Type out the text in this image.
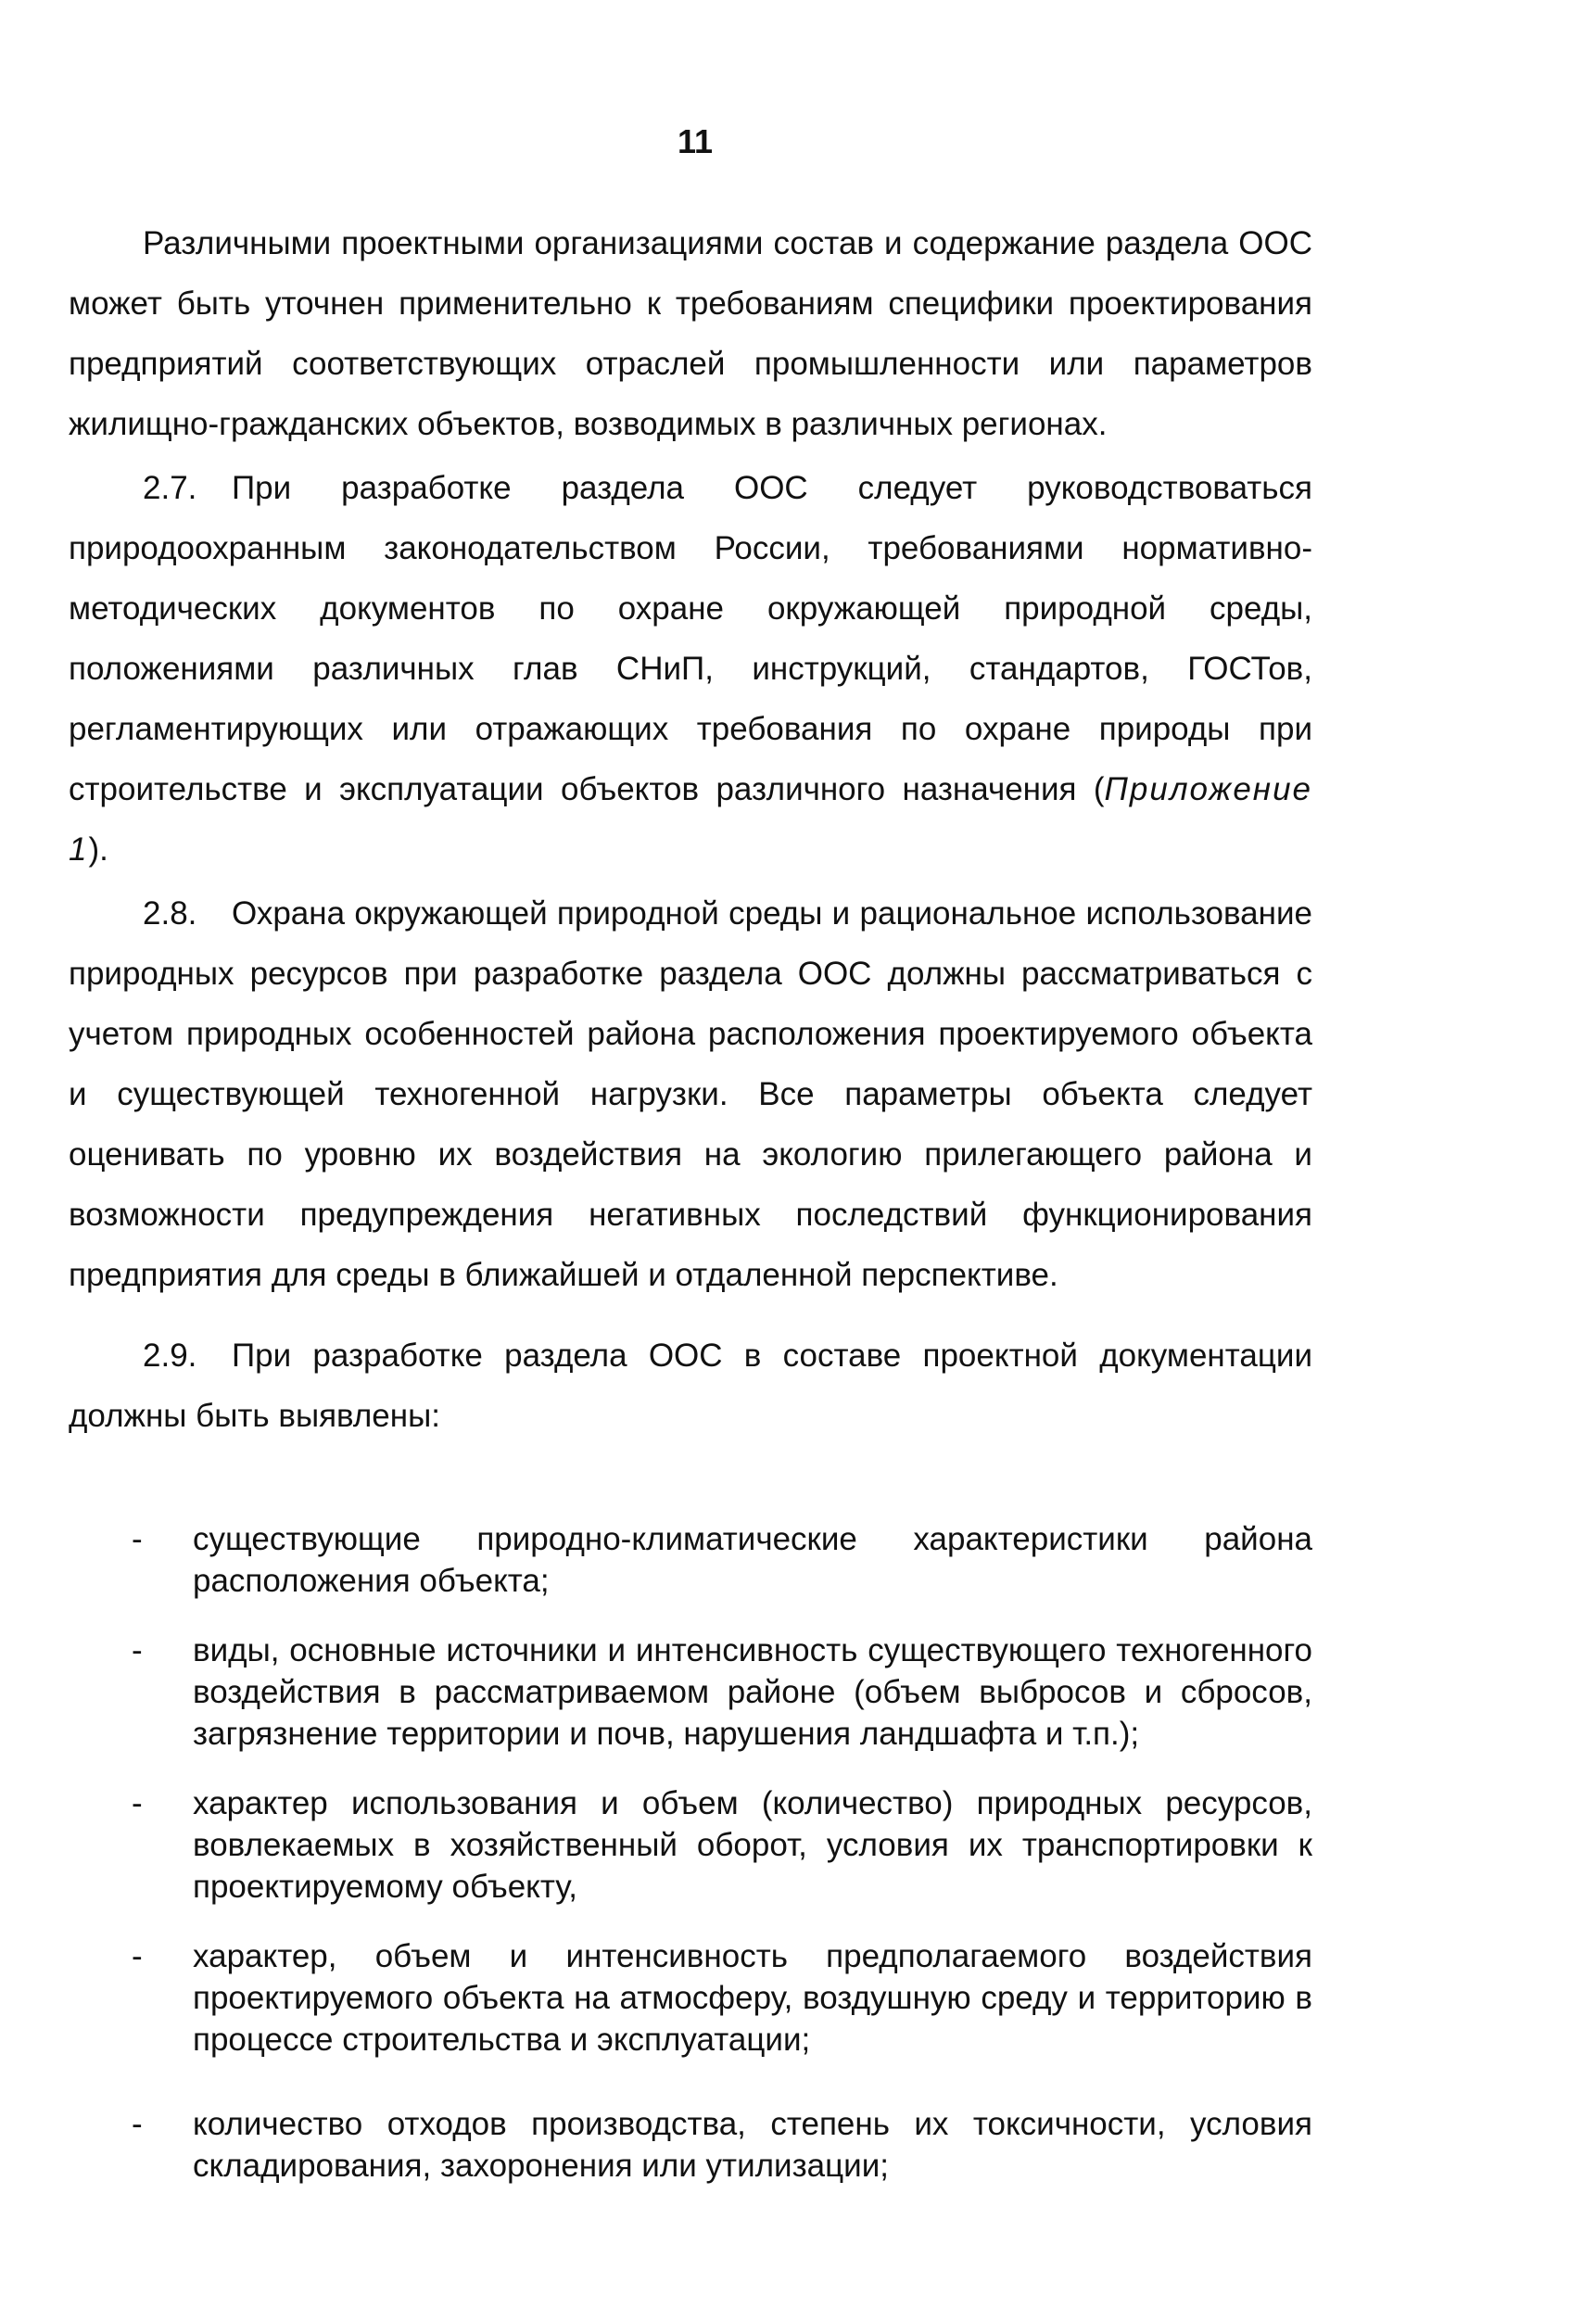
11

Различными проектными организациями состав и содержание раздела ООС может быть уточнен применительно к требованиям специфики проектирования предприятий соответствующих отраслей промышленности или параметров жилищно-гражданских объектов, возводимых в различных регионах.

2.7. При разработке раздела ООС следует руководствоваться природоохранным законодательством России, требованиями нормативно-методических документов по охране окружающей природной среды, положениями различных глав СНиП, инструкций, стандартов, ГОСТов, регламентирующих или отражающих требования по охране природы при строительстве и эксплуатации объектов различного назначения (Приложение 1).

2.8. Охрана окружающей природной среды и рациональное использование природных ресурсов при разработке раздела ООС должны рассматриваться с учетом природных особенностей района расположения проектируемого объекта и существующей техногенной нагрузки. Все параметры объекта следует оценивать по уровню их воздействия на экологию прилегающего района и возможности предупреждения негативных последствий функционирования предприятия для среды в ближайшей и отдаленной перспективе.

2.9. При разработке раздела ООС в составе проектной документации должны быть выявлены:

- существующие природно-климатические характеристики района расположения объекта;
- виды, основные источники и интенсивность существующего техногенного воздействия в рассматриваемом районе (объем выбросов и сбросов, загрязнение территории и почв, нарушения ландшафта и т.п.);
- характер использования и объем (количество) природных ресурсов, вовлекаемых в хозяйственный оборот, условия их транспортировки к проектируемому объекту,
- характер, объем и интенсивность предполагаемого воздействия проектируемого объекта на атмосферу, воздушную среду и территорию в процессе строительства и эксплуатации;
- количество отходов производства, степень их токсичности, условия складирования, захоронения или утилизации;
